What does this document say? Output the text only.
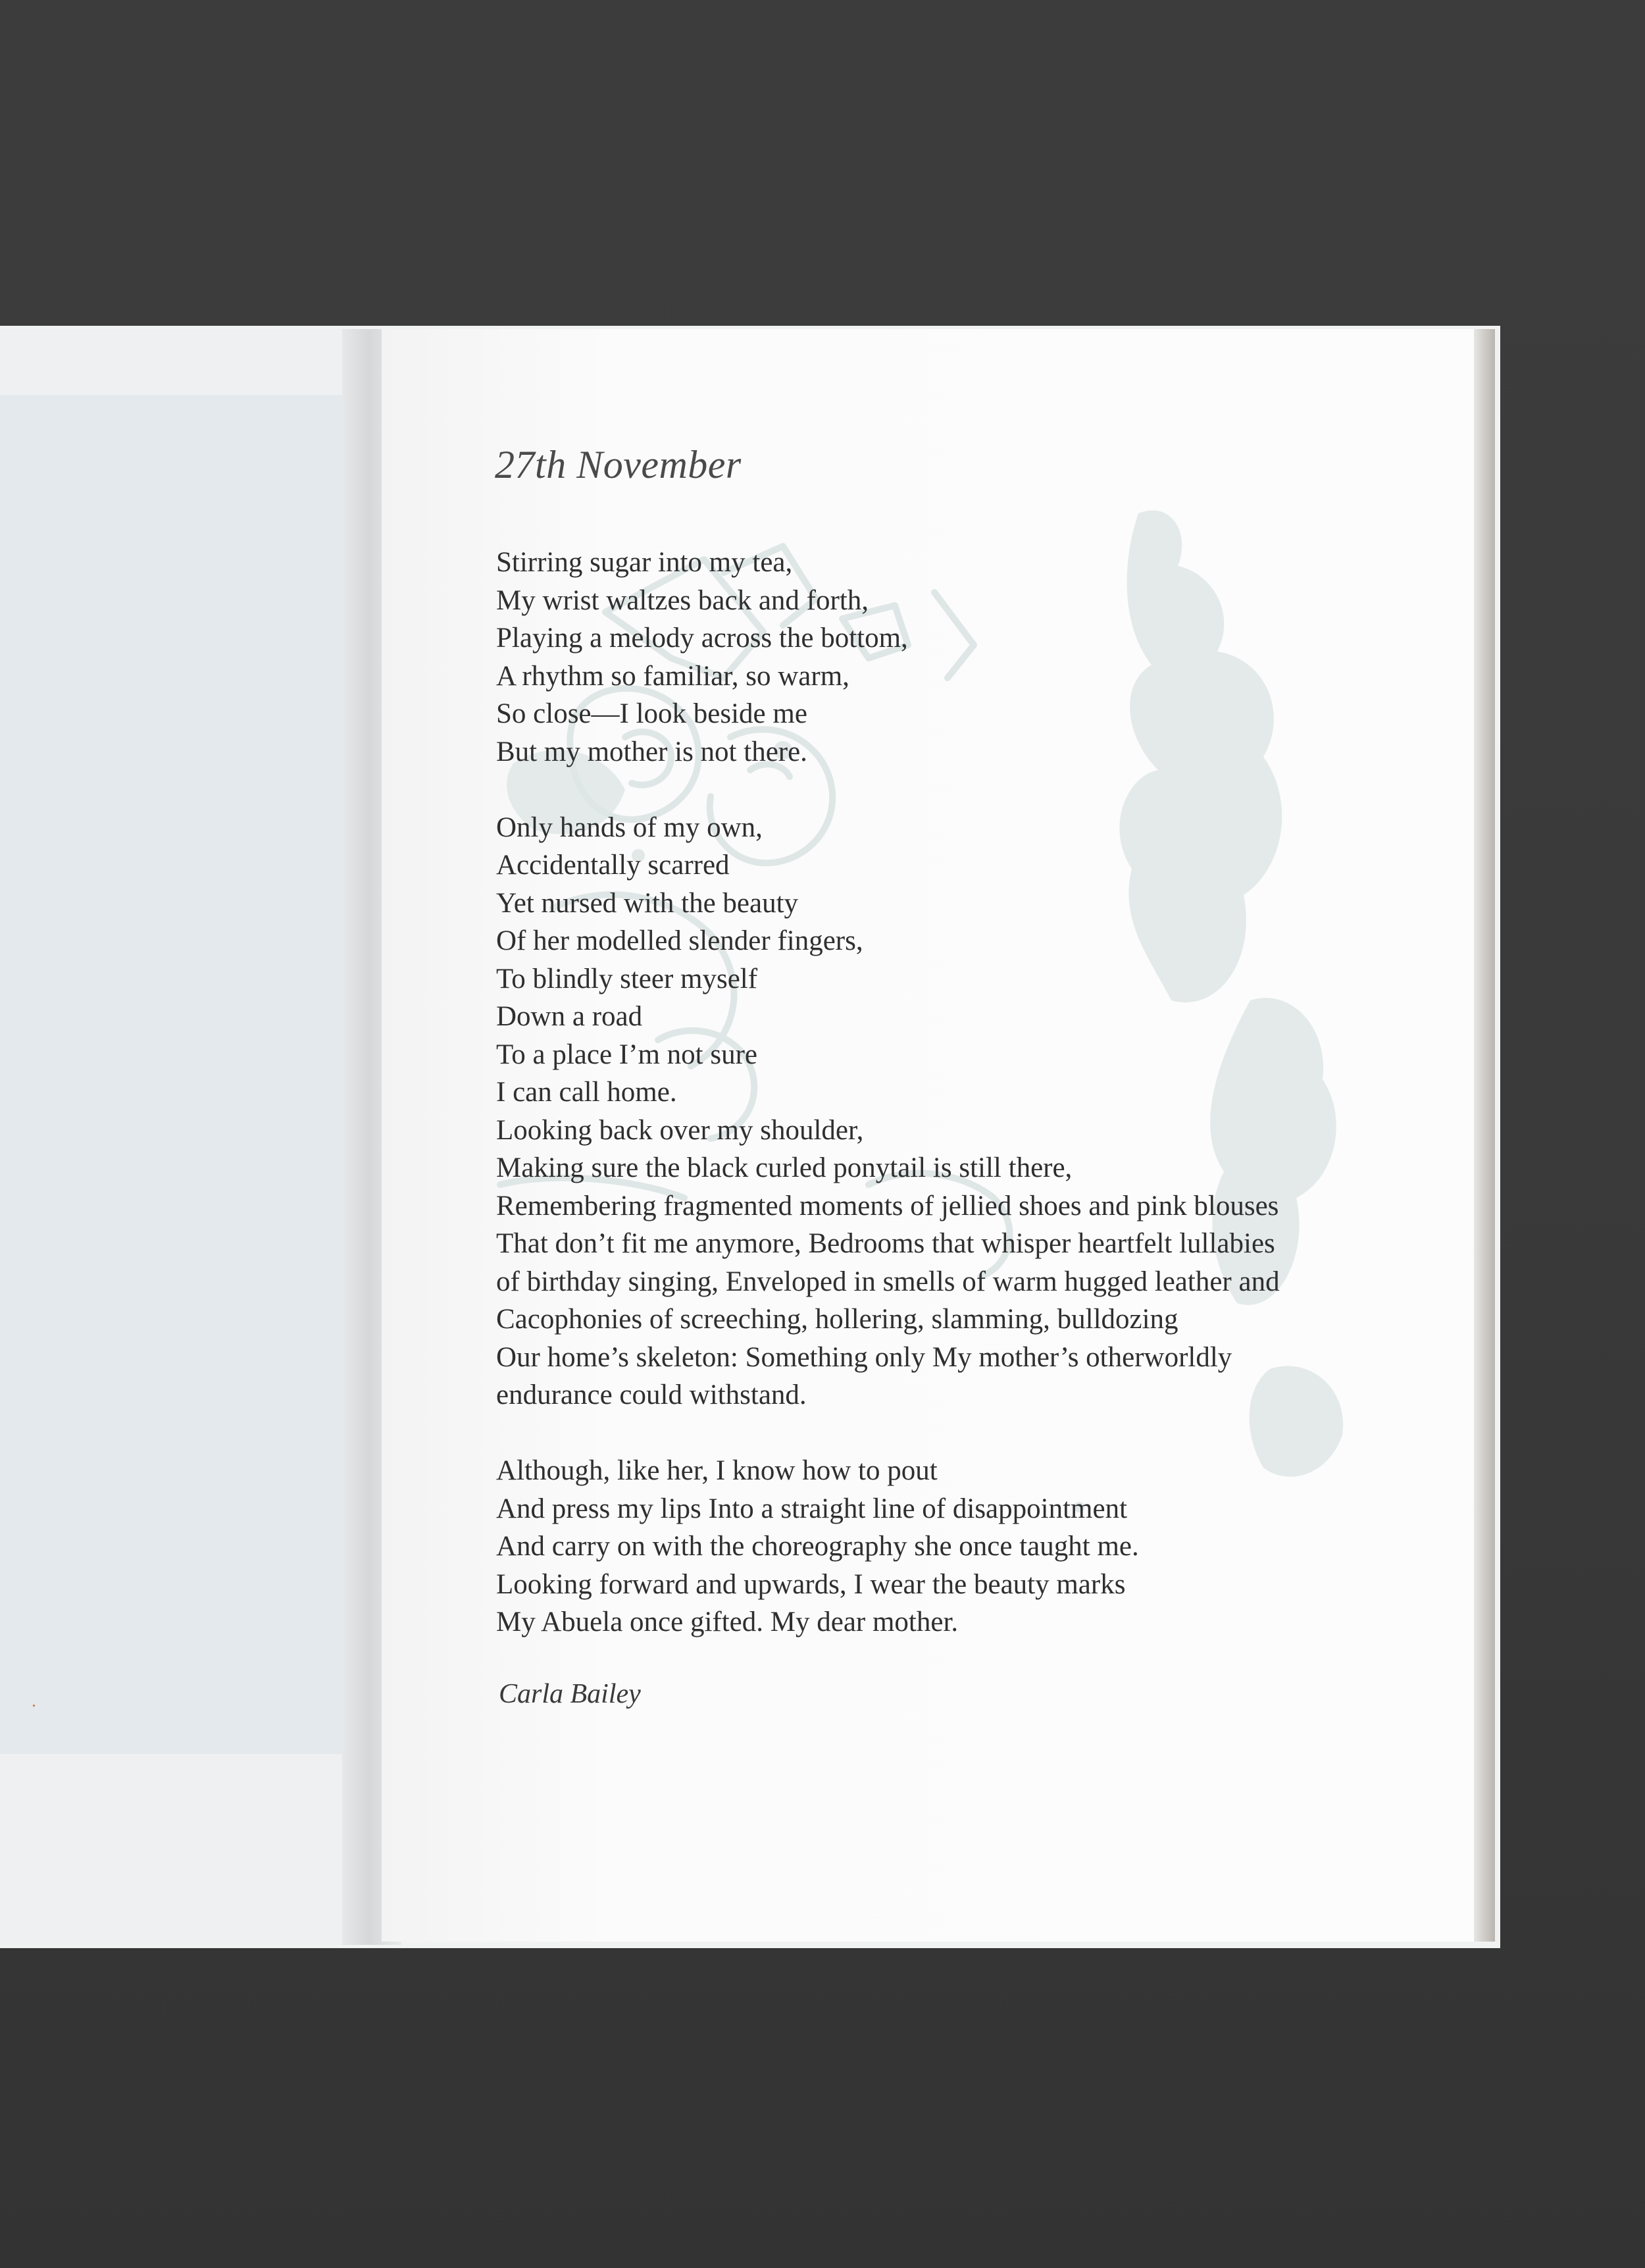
27th November

Stirring sugar into my tea,
My wrist waltzes back and forth,
Playing a melody across the bottom,
A rhythm so familiar, so warm,
So close—I look beside me
But my mother is not there.

Only hands of my own,
Accidentally scarred
Yet nursed with the beauty
Of her modelled slender fingers,
To blindly steer myself
Down a road
To a place I’m not sure
I can call home.
Looking back over my shoulder,
Making sure the black curled ponytail is still there,
Remembering fragmented moments of jellied shoes and pink blouses
That don’t fit me anymore, Bedrooms that whisper heartfelt lullabies
of birthday singing, Enveloped in smells of warm hugged leather and
Cacophonies of screeching, hollering, slamming, bulldozing
Our home’s skeleton: Something only My mother’s otherworldly
endurance could withstand.

Although, like her, I know how to pout
And press my lips Into a straight line of disappointment
And carry on with the choreography she once taught me.
Looking forward and upwards, I wear the beauty marks
My Abuela once gifted. My dear mother.

Carla Bailey
